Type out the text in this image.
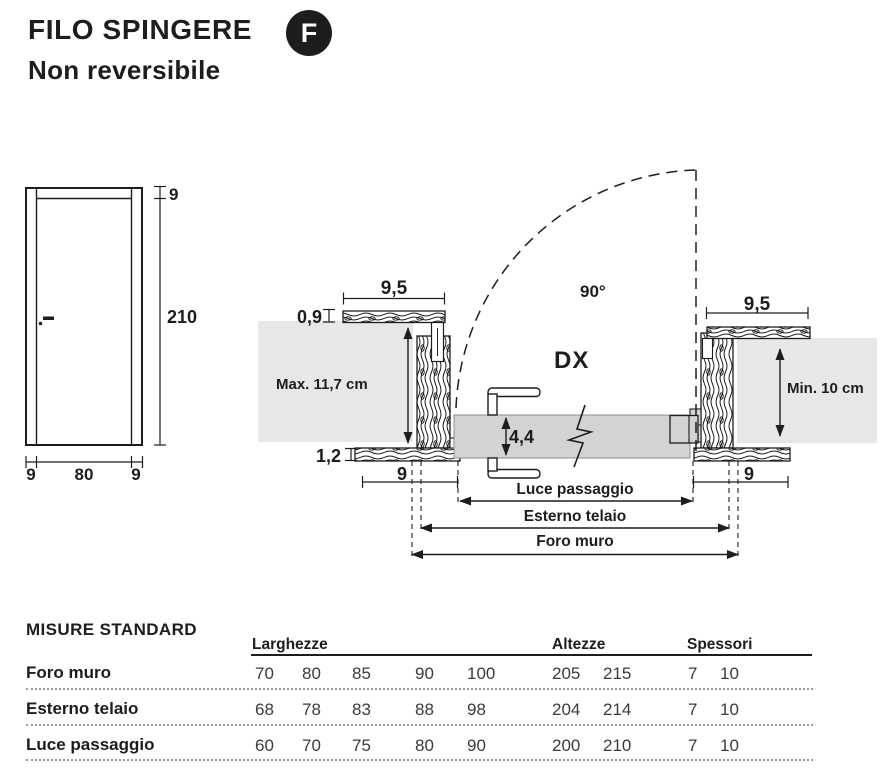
FILO SPINGERE F
Non reversibile
9
210
9	80	9
9,5
0,9
Max. 11,7 cm
1,2
9
4,4
DX
90°
9,5
Min. 10 cm
9
Luce passaggio
Esterno telaio
Foro muro
MISURE STANDARD
Larghezze	Altezze	Spessori
Foro muro	70 80 85	90 100	205 215	7 10
Esterno telaio	68 78 83	88 98	204 214	7 10
Luce passaggio	60 70 75	80 90	200 210	7 10
